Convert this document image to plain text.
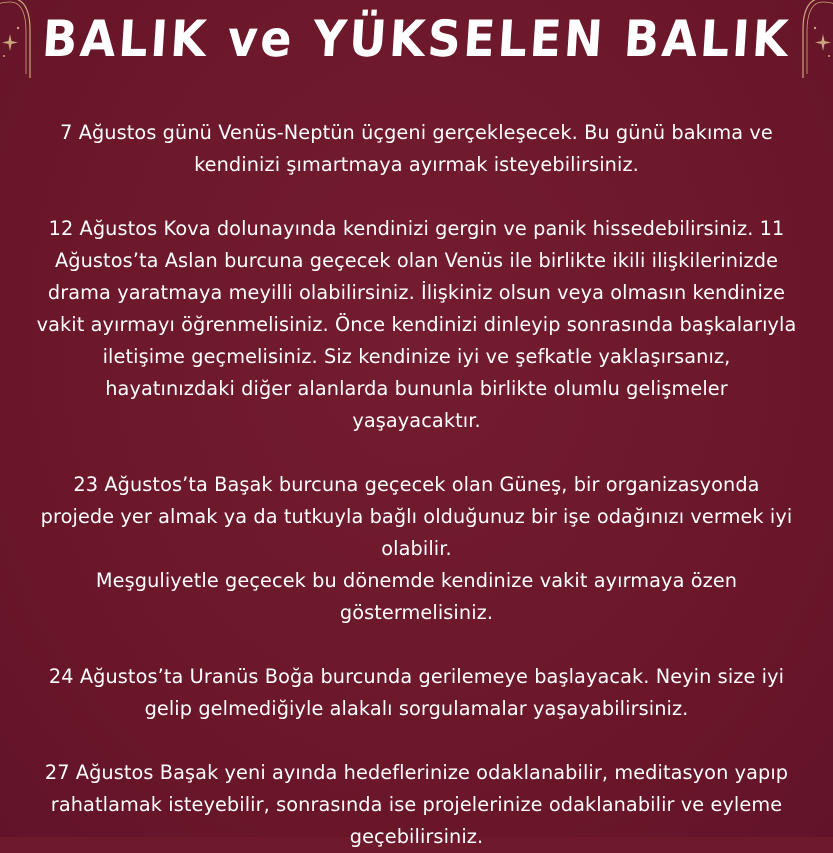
BALIK ve YÜKSELEN BALIK

7 Ağustos günü Venüs-Neptün üçgeni gerçekleşecek. Bu günü bakıma ve
kendinizi şımartmaya ayırmak isteyebilirsiniz.

12 Ağustos Kova dolunayında kendinizi gergin ve panik hissedebilirsiniz. 11
Ağustos’ta Aslan burcuna geçecek olan Venüs ile birlikte ikili ilişkilerinizde
drama yaratmaya meyilli olabilirsiniz. İlişkiniz olsun veya olmasın kendinize
vakit ayırmayı öğrenmelisiniz. Önce kendinizi dinleyip sonrasında başkalarıyla
iletişime geçmelisiniz. Siz kendinize iyi ve şefkatle yaklaşırsanız,
hayatınızdaki diğer alanlarda bununla birlikte olumlu gelişmeler
yaşayacaktır.

23 Ağustos’ta Başak burcuna geçecek olan Güneş, bir organizasyonda
projede yer almak ya da tutkuyla bağlı olduğunuz bir işe odağınızı vermek iyi
olabilir.
Meşguliyetle geçecek bu dönemde kendinize vakit ayırmaya özen
göstermelisiniz.

24 Ağustos’ta Uranüs Boğa burcunda gerilemeye başlayacak. Neyin size iyi
gelip gelmediğiyle alakalı sorgulamalar yaşayabilirsiniz.

27 Ağustos Başak yeni ayında hedeflerinize odaklanabilir, meditasyon yapıp
rahatlamak isteyebilir, sonrasında ise projelerinize odaklanabilir ve eyleme
geçebilirsiniz.
